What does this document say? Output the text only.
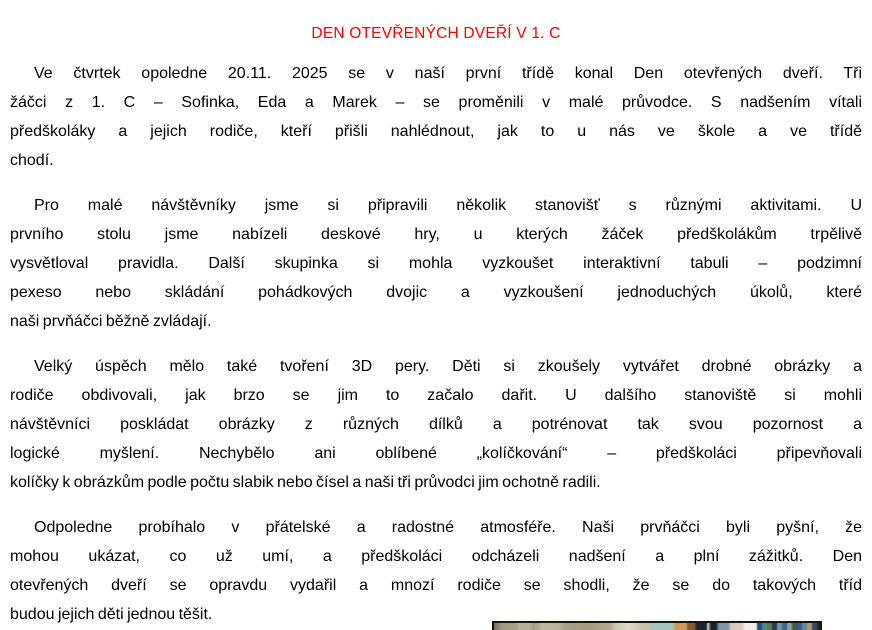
DEN OTEVŘENÝCH DVEŘÍ V 1. C
Ve čtvrtek opoledne 20.11. 2025 se v naší první třídě konal Den otevřených dveří. Tři
žáčci z 1. C – Sofinka, Eda a Marek – se proměnili v malé průvodce. S nadšením vítali
předškoláky a jejich rodiče, kteří přišli nahlédnout, jak to u nás ve škole a ve třídě
chodí.
Pro malé návštěvníky jsme si připravili několik stanovišť s různými aktivitami. U
prvního stolu jsme nabízeli deskové hry, u kterých žáček předškolákům trpělivě
vysvětloval pravidla. Další skupinka si mohla vyzkoušet interaktivní tabuli – podzimní
pexeso nebo skládání pohádkových dvojic a vyzkoušení jednoduchých úkolů, které
naši prvňáčci běžně zvládají.
Velký úspěch mělo také tvoření 3D pery. Děti si zkoušely vytvářet drobné obrázky a
rodiče obdivovali, jak brzo se jim to začalo dařit. U dalšího stanoviště si mohli
návštěvníci poskládat obrázky z různých dílků a potrénovat tak svou pozornost a
logické myšlení. Nechybělo ani oblíbené „kolíčkování“ – předškoláci připevňovali
kolíčky k obrázkům podle počtu slabik nebo čísel a naši tři průvodci jim ochotně radili.
Odpoledne probíhalo v přátelské a radostné atmosféře. Naši prvňáčci byli pyšní, že
mohou ukázat, co už umí, a předškoláci odcházeli nadšení a plní zážitků. Den
otevřených dveří se opravdu vydařil a mnozí rodiče se shodli, že se do takových tříd
budou jejich děti jednou těšit.
